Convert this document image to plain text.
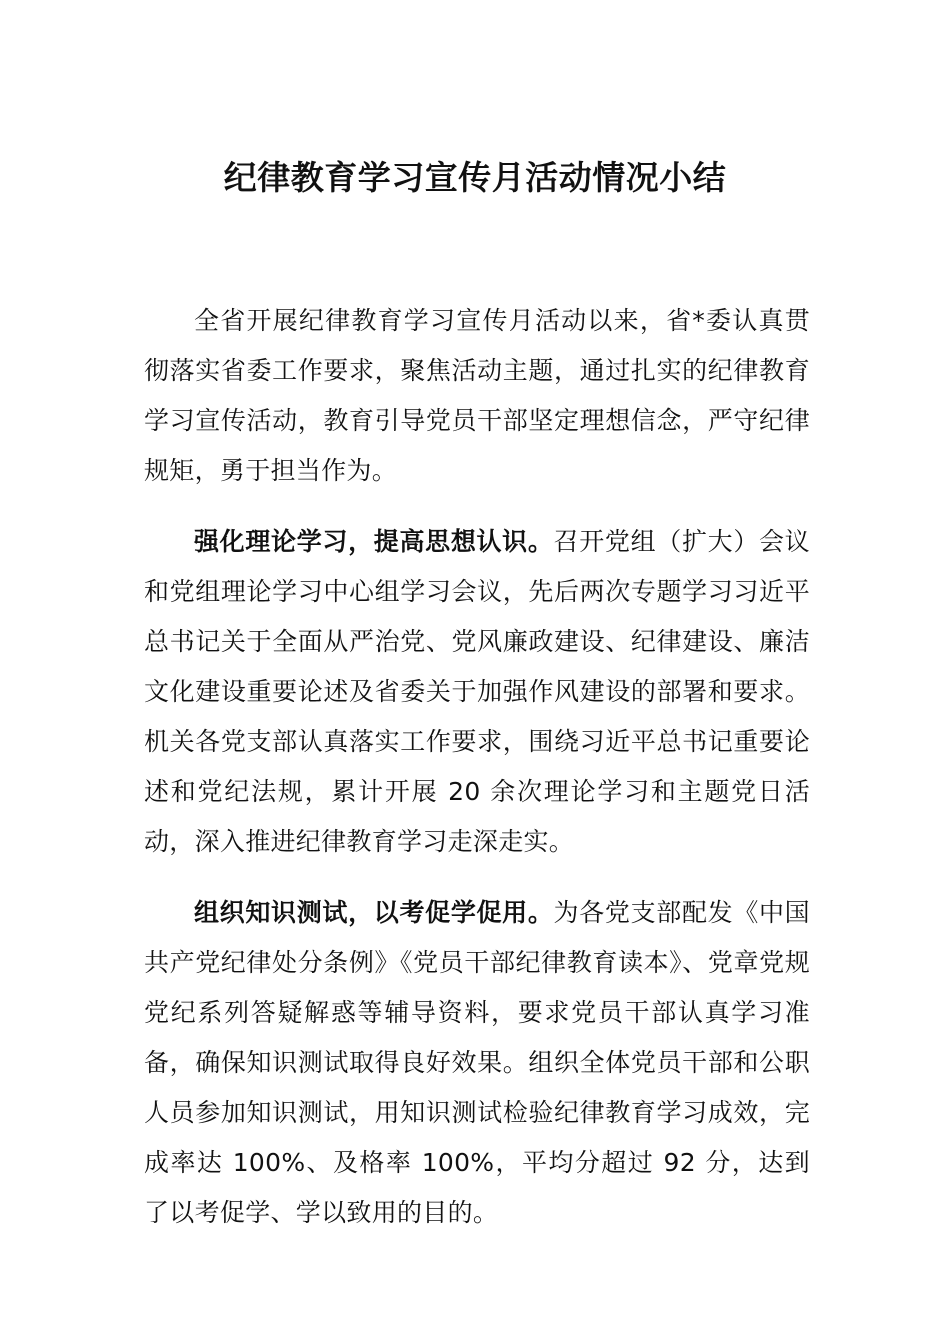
纪律教育学习宣传月活动情况小结

全省开展纪律教育学习宣传月活动以来，省*委认真贯彻落实省委工作要求，聚焦活动主题，通过扎实的纪律教育学习宣传活动，教育引导党员干部坚定理想信念，严守纪律规矩，勇于担当作为。

强化理论学习，提高思想认识。召开党组（扩大）会议和党组理论学习中心组学习会议，先后两次专题学习习近平总书记关于全面从严治党、党风廉政建设、纪律建设、廉洁文化建设重要论述及省委关于加强作风建设的部署和要求。机关各党支部认真落实工作要求，围绕习近平总书记重要论述和党纪法规，累计开展 20 余次理论学习和主题党日活动，深入推进纪律教育学习走深走实。

组织知识测试，以考促学促用。为各党支部配发《中国共产党纪律处分条例》《党员干部纪律教育读本》、党章党规党纪系列答疑解惑等辅导资料，要求党员干部认真学习准备，确保知识测试取得良好效果。组织全体党员干部和公职人员参加知识测试，用知识测试检验纪律教育学习成效，完成率达 100%、及格率 100%，平均分超过 92 分，达到了以考促学、学以致用的目的。
